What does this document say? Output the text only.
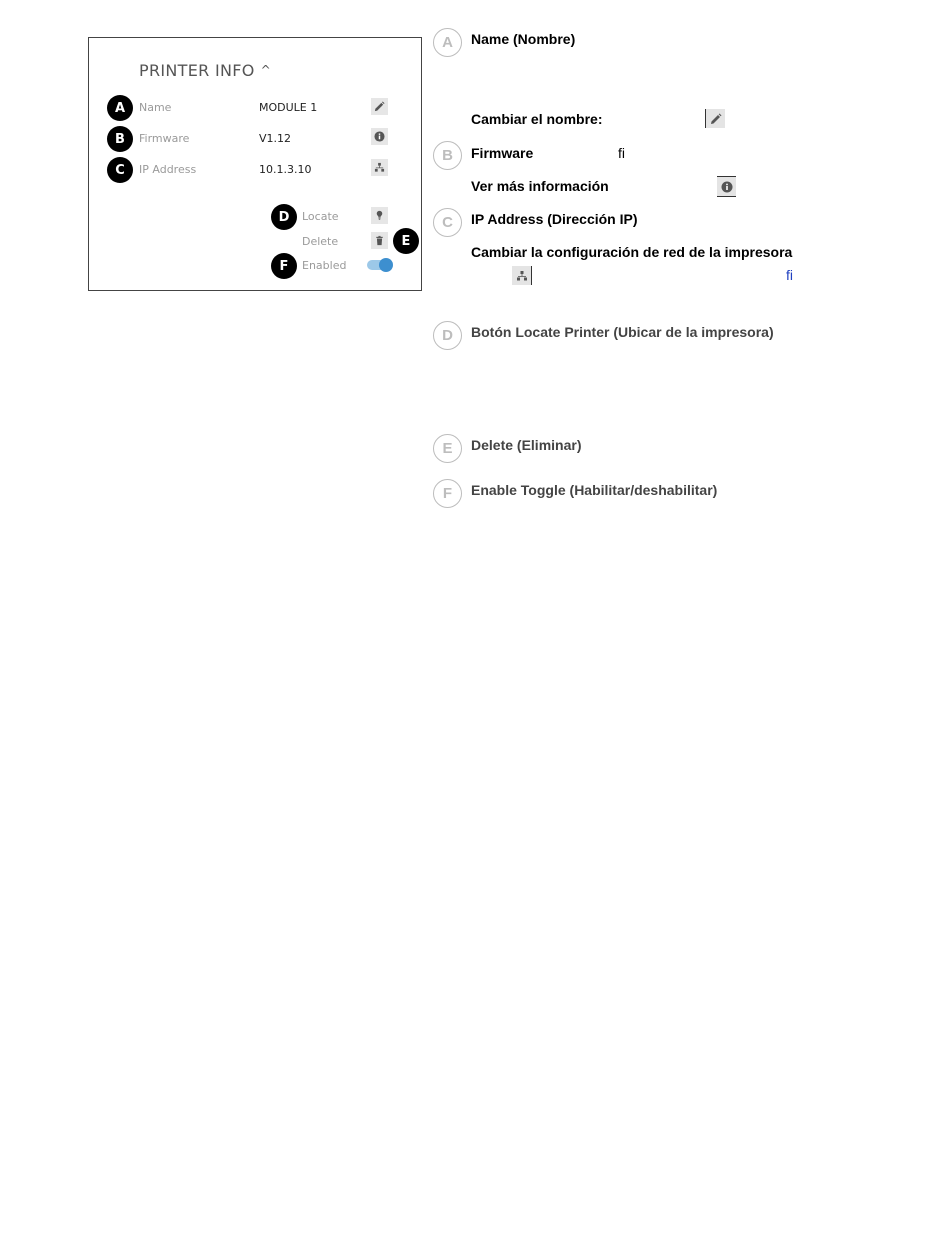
PRINTER INFO ^
A	Name	MODULE 1
B	Firmware	V1.12
C	IP Address	10.1.3.10
D	Locate
Delete	E
F	Enabled
A	Name (Nombre)
Cambiar el nombre:
B	Firmware	fi
Ver más información
C	IP Address (Dirección IP)
Cambiar la configuración de red de la impresora
fi
D	Botón Locate Printer (Ubicar de la impresora)
E	Delete (Eliminar)
F	Enable Toggle (Habilitar/deshabilitar)
